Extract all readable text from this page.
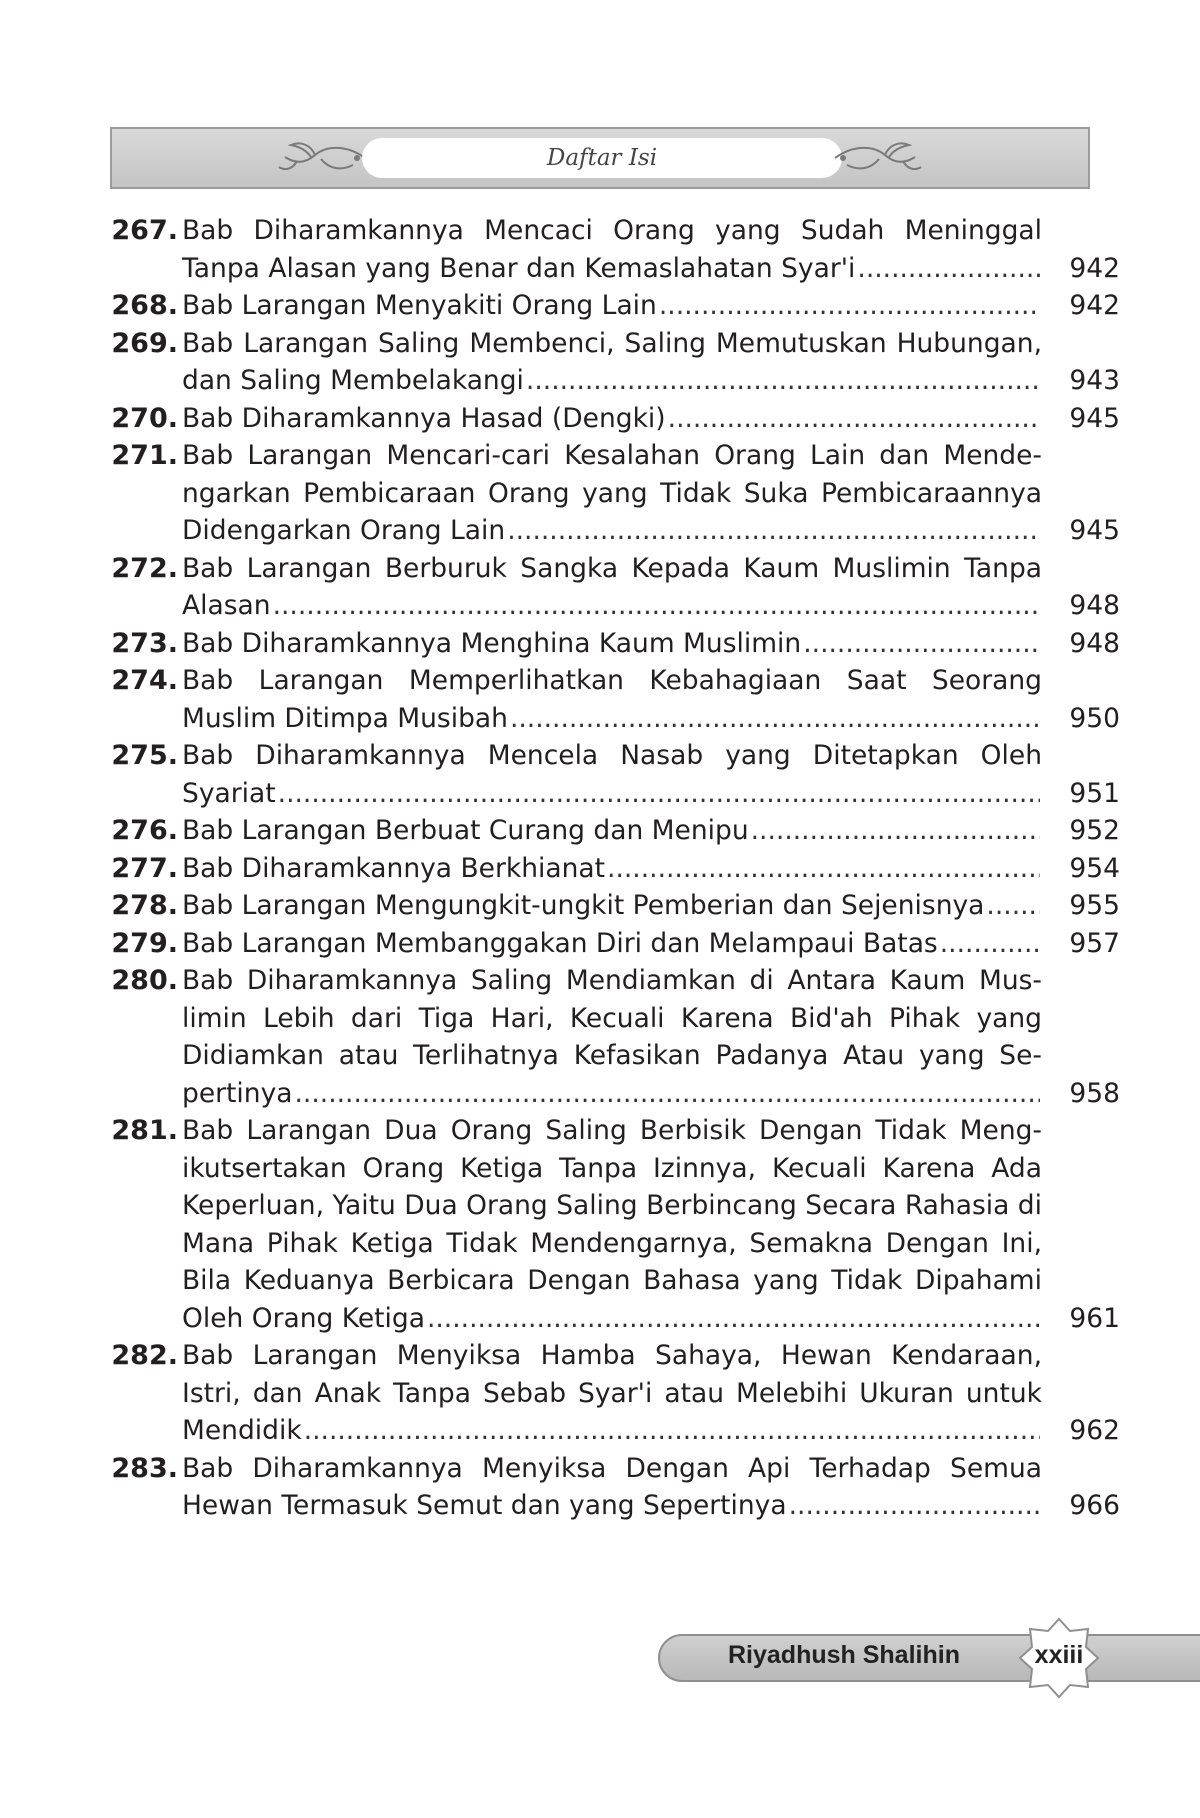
Daftar Isi
267. Bab Diharamkannya Mencaci Orang yang Sudah Meninggal
Tanpa Alasan yang Benar dan Kemaslahatan Syar'i .....	942
268. Bab Larangan Menyakiti Orang Lain .....	942
269. Bab Larangan Saling Membenci, Saling Memutuskan Hubungan,
dan Saling Membelakangi .....	943
270. Bab Diharamkannya Hasad (Dengki) .....	945
271. Bab Larangan Mencari-cari Kesalahan Orang Lain dan Mende-
ngarkan Pembicaraan Orang yang Tidak Suka Pembicaraannya
Didengarkan Orang Lain .....	945
272. Bab Larangan Berburuk Sangka Kepada Kaum Muslimin Tanpa
Alasan .....	948
273. Bab Diharamkannya Menghina Kaum Muslimin .....	948
274. Bab Larangan Memperlihatkan Kebahagiaan Saat Seorang
Muslim Ditimpa Musibah .....	950
275. Bab Diharamkannya Mencela Nasab yang Ditetapkan Oleh
Syariat .....	951
276. Bab Larangan Berbuat Curang dan Menipu .....	952
277. Bab Diharamkannya Berkhianat .....	954
278. Bab Larangan Mengungkit-ungkit Pemberian dan Sejenisnya .....	955
279. Bab Larangan Membanggakan Diri dan Melampaui Batas .....	957
280. Bab Diharamkannya Saling Mendiamkan di Antara Kaum Mus-
limin Lebih dari Tiga Hari, Kecuali Karena Bid'ah Pihak yang
Didiamkan atau Terlihatnya Kefasikan Padanya Atau yang Se-
pertinya .....	958
281. Bab Larangan Dua Orang Saling Berbisik Dengan Tidak Meng-
ikutsertakan Orang Ketiga Tanpa Izinnya, Kecuali Karena Ada
Keperluan, Yaitu Dua Orang Saling Berbincang Secara Rahasia di
Mana Pihak Ketiga Tidak Mendengarnya, Semakna Dengan Ini,
Bila Keduanya Berbicara Dengan Bahasa yang Tidak Dipahami
Oleh Orang Ketiga .....	961
282. Bab Larangan Menyiksa Hamba Sahaya, Hewan Kendaraan,
Istri, dan Anak Tanpa Sebab Syar'i atau Melebihi Ukuran untuk
Mendidik .....	962
283. Bab Diharamkannya Menyiksa Dengan Api Terhadap Semua
Hewan Termasuk Semut dan yang Sepertinya .....	966
Riyadhush Shalihin	xxiii
